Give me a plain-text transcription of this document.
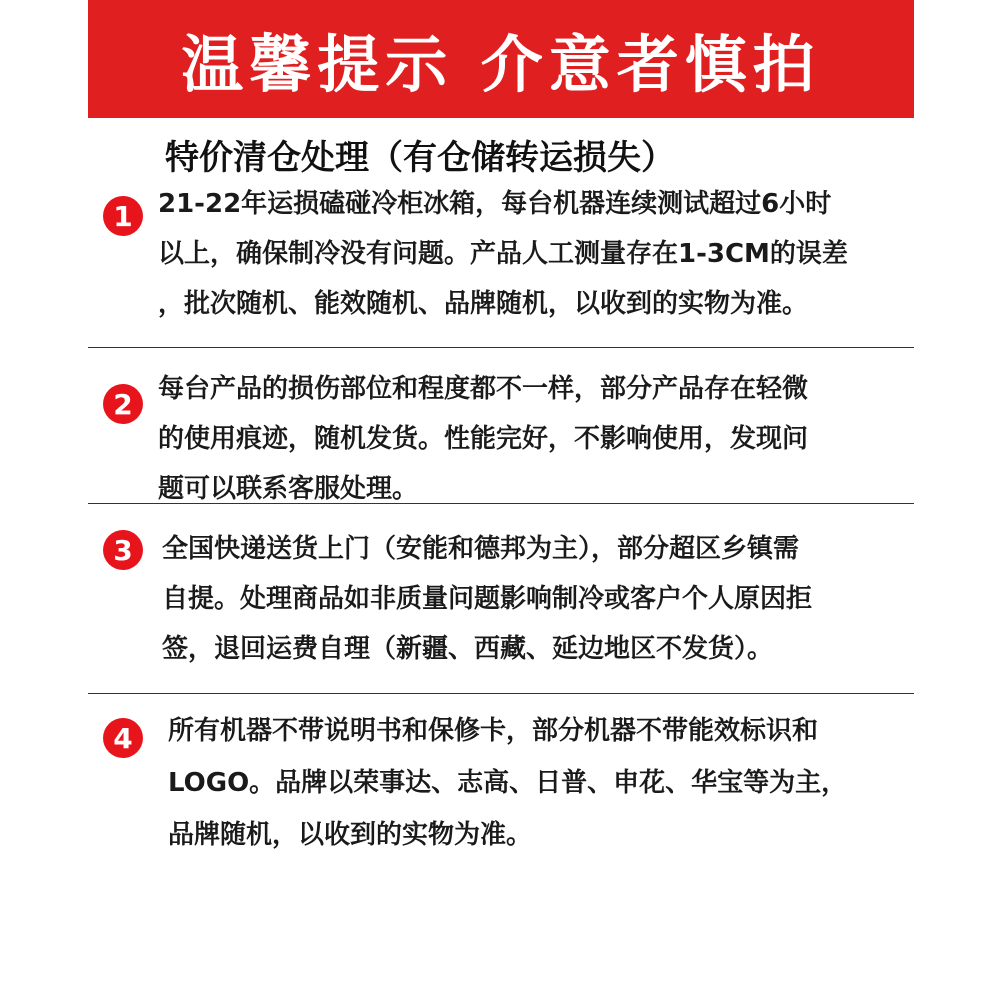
温馨提示 介意者慎拍
特价清仓处理（有仓储转运损失）
1 21-22年运损磕碰冷柜冰箱，每台机器连续测试超过6小时
以上，确保制冷没有问题。产品人工测量存在1-3CM的误差
，批次随机、能效随机、品牌随机，以收到的实物为准。
2 每台产品的损伤部位和程度都不一样，部分产品存在轻微
的使用痕迹，随机发货。性能完好，不影响使用，发现问
题可以联系客服处理。
3	全国快递送货上门（安能和德邦为主），部分超区乡镇需
自提。处理商品如非质量问题影响制冷或客户个人原因拒
签，退回运费自理（新疆、西藏、延边地区不发货）。
4	所有机器不带说明书和保修卡，部分机器不带能效标识和
LOGO。品牌以荣事达、志高、日普、申花、华宝等为主，
品牌随机，以收到的实物为准。
